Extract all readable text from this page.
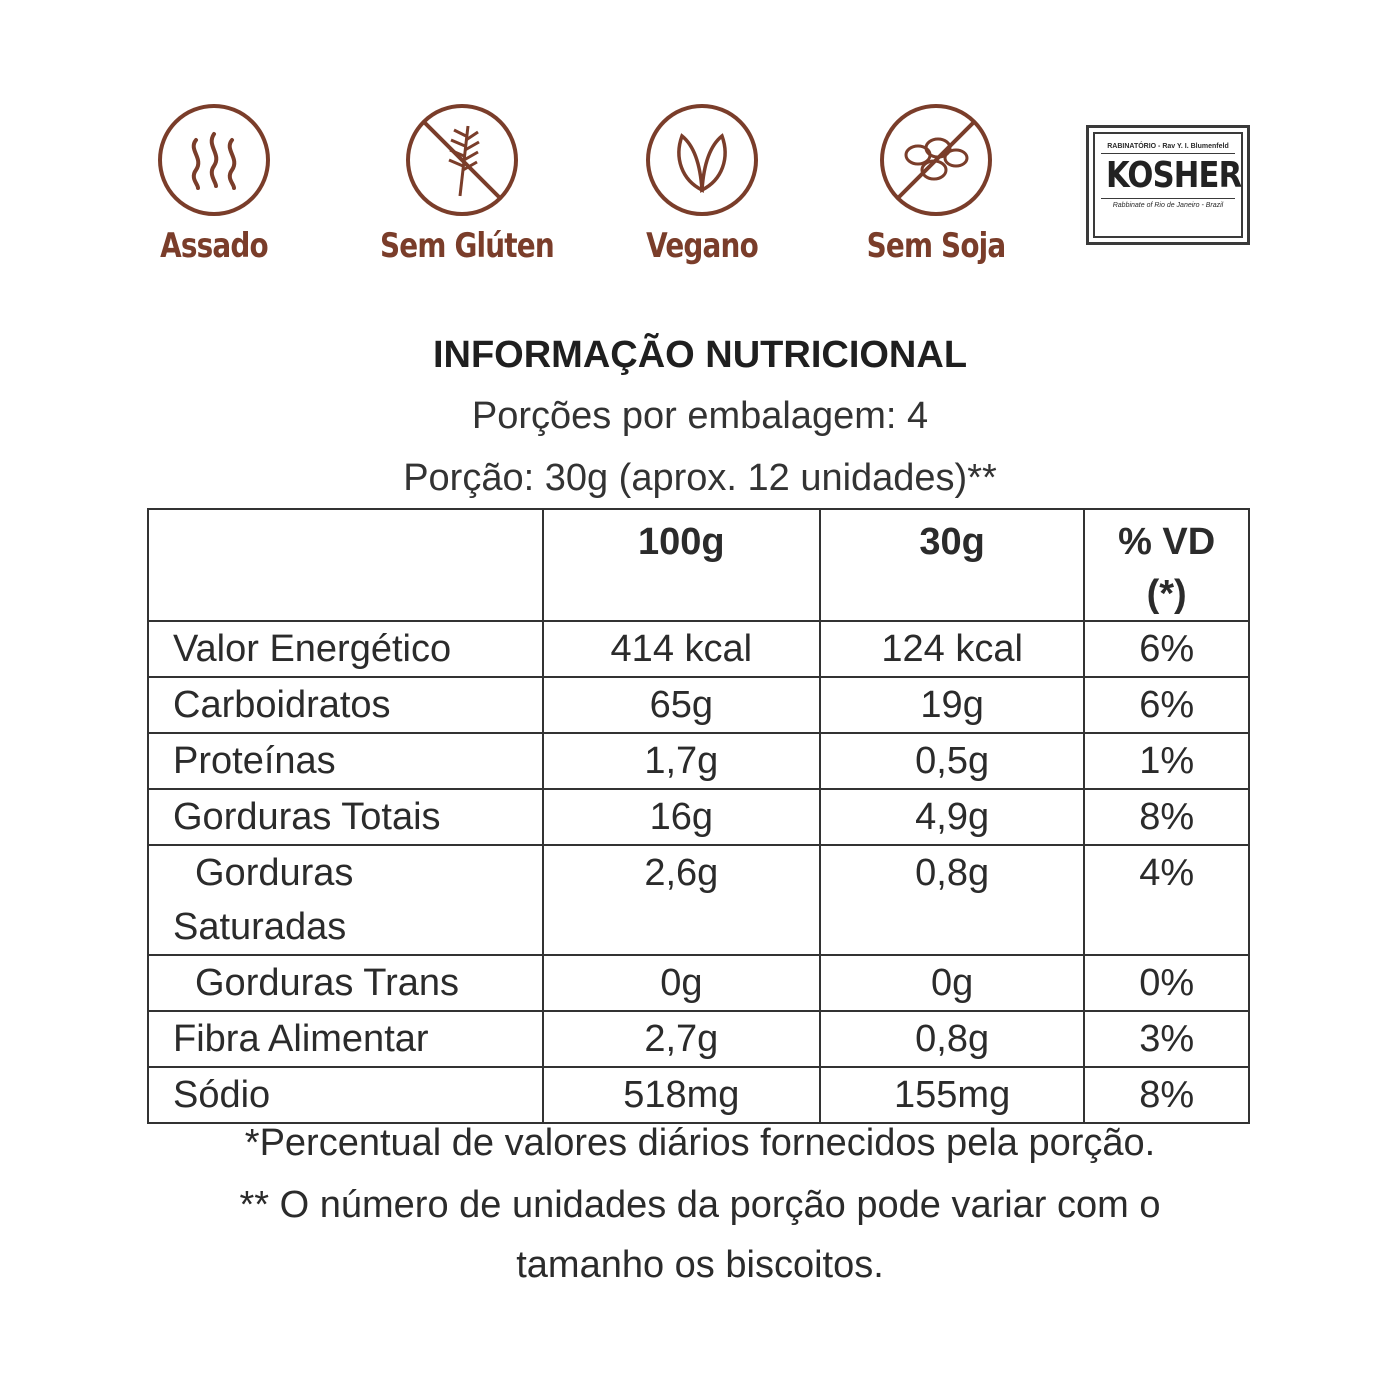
Assado	Sem Glúten	Vegano	Sem Soja
RABINATÓRIO - Rav Y. I. Blumenfeld
KOSHER
Rabbinate of Rio de Janeiro - Brazil
INFORMAÇÃO NUTRICIONAL
Porções por embalagem: 4
Porção: 30g (aprox. 12 unidades)**
	100g	30g	% VD (*)
Valor Energético	414 kcal	124 kcal	6%
Carboidratos	65g	19g	6%
Proteínas	1,7g	0,5g	1%
Gorduras Totais	16g	4,9g	8%
Gorduras Saturadas	2,6g	0,8g	4%
Gorduras Trans	0g	0g	0%
Fibra Alimentar	2,7g	0,8g	3%
Sódio	518mg	155mg	8%
*Percentual de valores diários fornecidos pela porção.
** O número de unidades da porção pode variar com o
tamanho os biscoitos.
